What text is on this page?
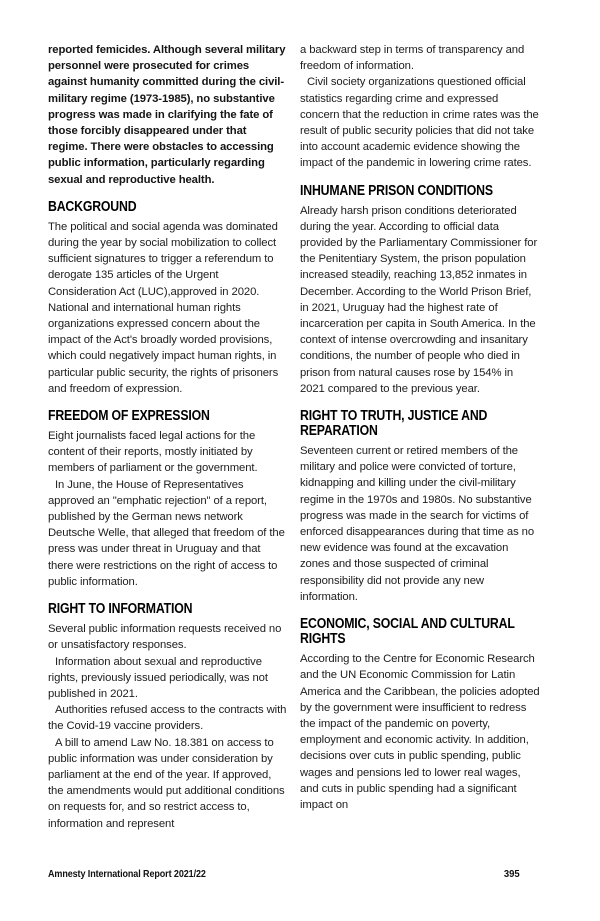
reported femicides. Although several military personnel were prosecuted for crimes against humanity committed during the civil-military regime (1973-1985), no substantive progress was made in clarifying the fate of those forcibly disappeared under that regime. There were obstacles to accessing public information, particularly regarding sexual and reproductive health.

BACKGROUND

The political and social agenda was dominated during the year by social mobilization to collect sufficient signatures to trigger a referendum to derogate 135 articles of the Urgent Consideration Act (LUC),approved in 2020. National and international human rights organizations expressed concern about the impact of the Act's broadly worded provisions, which could negatively impact human rights, in particular public security, the rights of prisoners and freedom of expression.

FREEDOM OF EXPRESSION

Eight journalists faced legal actions for the content of their reports, mostly initiated by members of parliament or the government.

In June, the House of Representatives approved an "emphatic rejection" of a report, published by the German news network Deutsche Welle, that alleged that freedom of the press was under threat in Uruguay and that there were restrictions on the right of access to public information.

RIGHT TO INFORMATION

Several public information requests received no or unsatisfactory responses.

Information about sexual and reproductive rights, previously issued periodically, was not published in 2021.

Authorities refused access to the contracts with the Covid-19 vaccine providers.

A bill to amend Law No. 18.381 on access to public information was under consideration by parliament at the end of the year. If approved, the amendments would put additional conditions on requests for, and so restrict access to, information and represent

a backward step in terms of transparency and freedom of information.

Civil society organizations questioned official statistics regarding crime and expressed concern that the reduction in crime rates was the result of public security policies that did not take into account academic evidence showing the impact of the pandemic in lowering crime rates.

INHUMANE PRISON CONDITIONS

Already harsh prison conditions deteriorated during the year. According to official data provided by the Parliamentary Commissioner for the Penitentiary System, the prison population increased steadily, reaching 13,852 inmates in December. According to the World Prison Brief, in 2021, Uruguay had the highest rate of incarceration per capita in South America. In the context of intense overcrowding and insanitary conditions, the number of people who died in prison from natural causes rose by 154% in 2021 compared to the previous year.

RIGHT TO TRUTH, JUSTICE AND REPARATION

Seventeen current or retired members of the military and police were convicted of torture, kidnapping and killing under the civil-military regime in the 1970s and 1980s. No substantive progress was made in the search for victims of enforced disappearances during that time as no new evidence was found at the excavation zones and those suspected of criminal responsibility did not provide any new information.

ECONOMIC, SOCIAL AND CULTURAL RIGHTS

According to the Centre for Economic Research and the UN Economic Commission for Latin America and the Caribbean, the policies adopted by the government were insufficient to redress the impact of the pandemic on poverty, employment and economic activity. In addition, decisions over cuts in public spending, public wages and pensions led to lower real wages, and cuts in public spending had a significant impact on

Amnesty International Report 2021/22	395
